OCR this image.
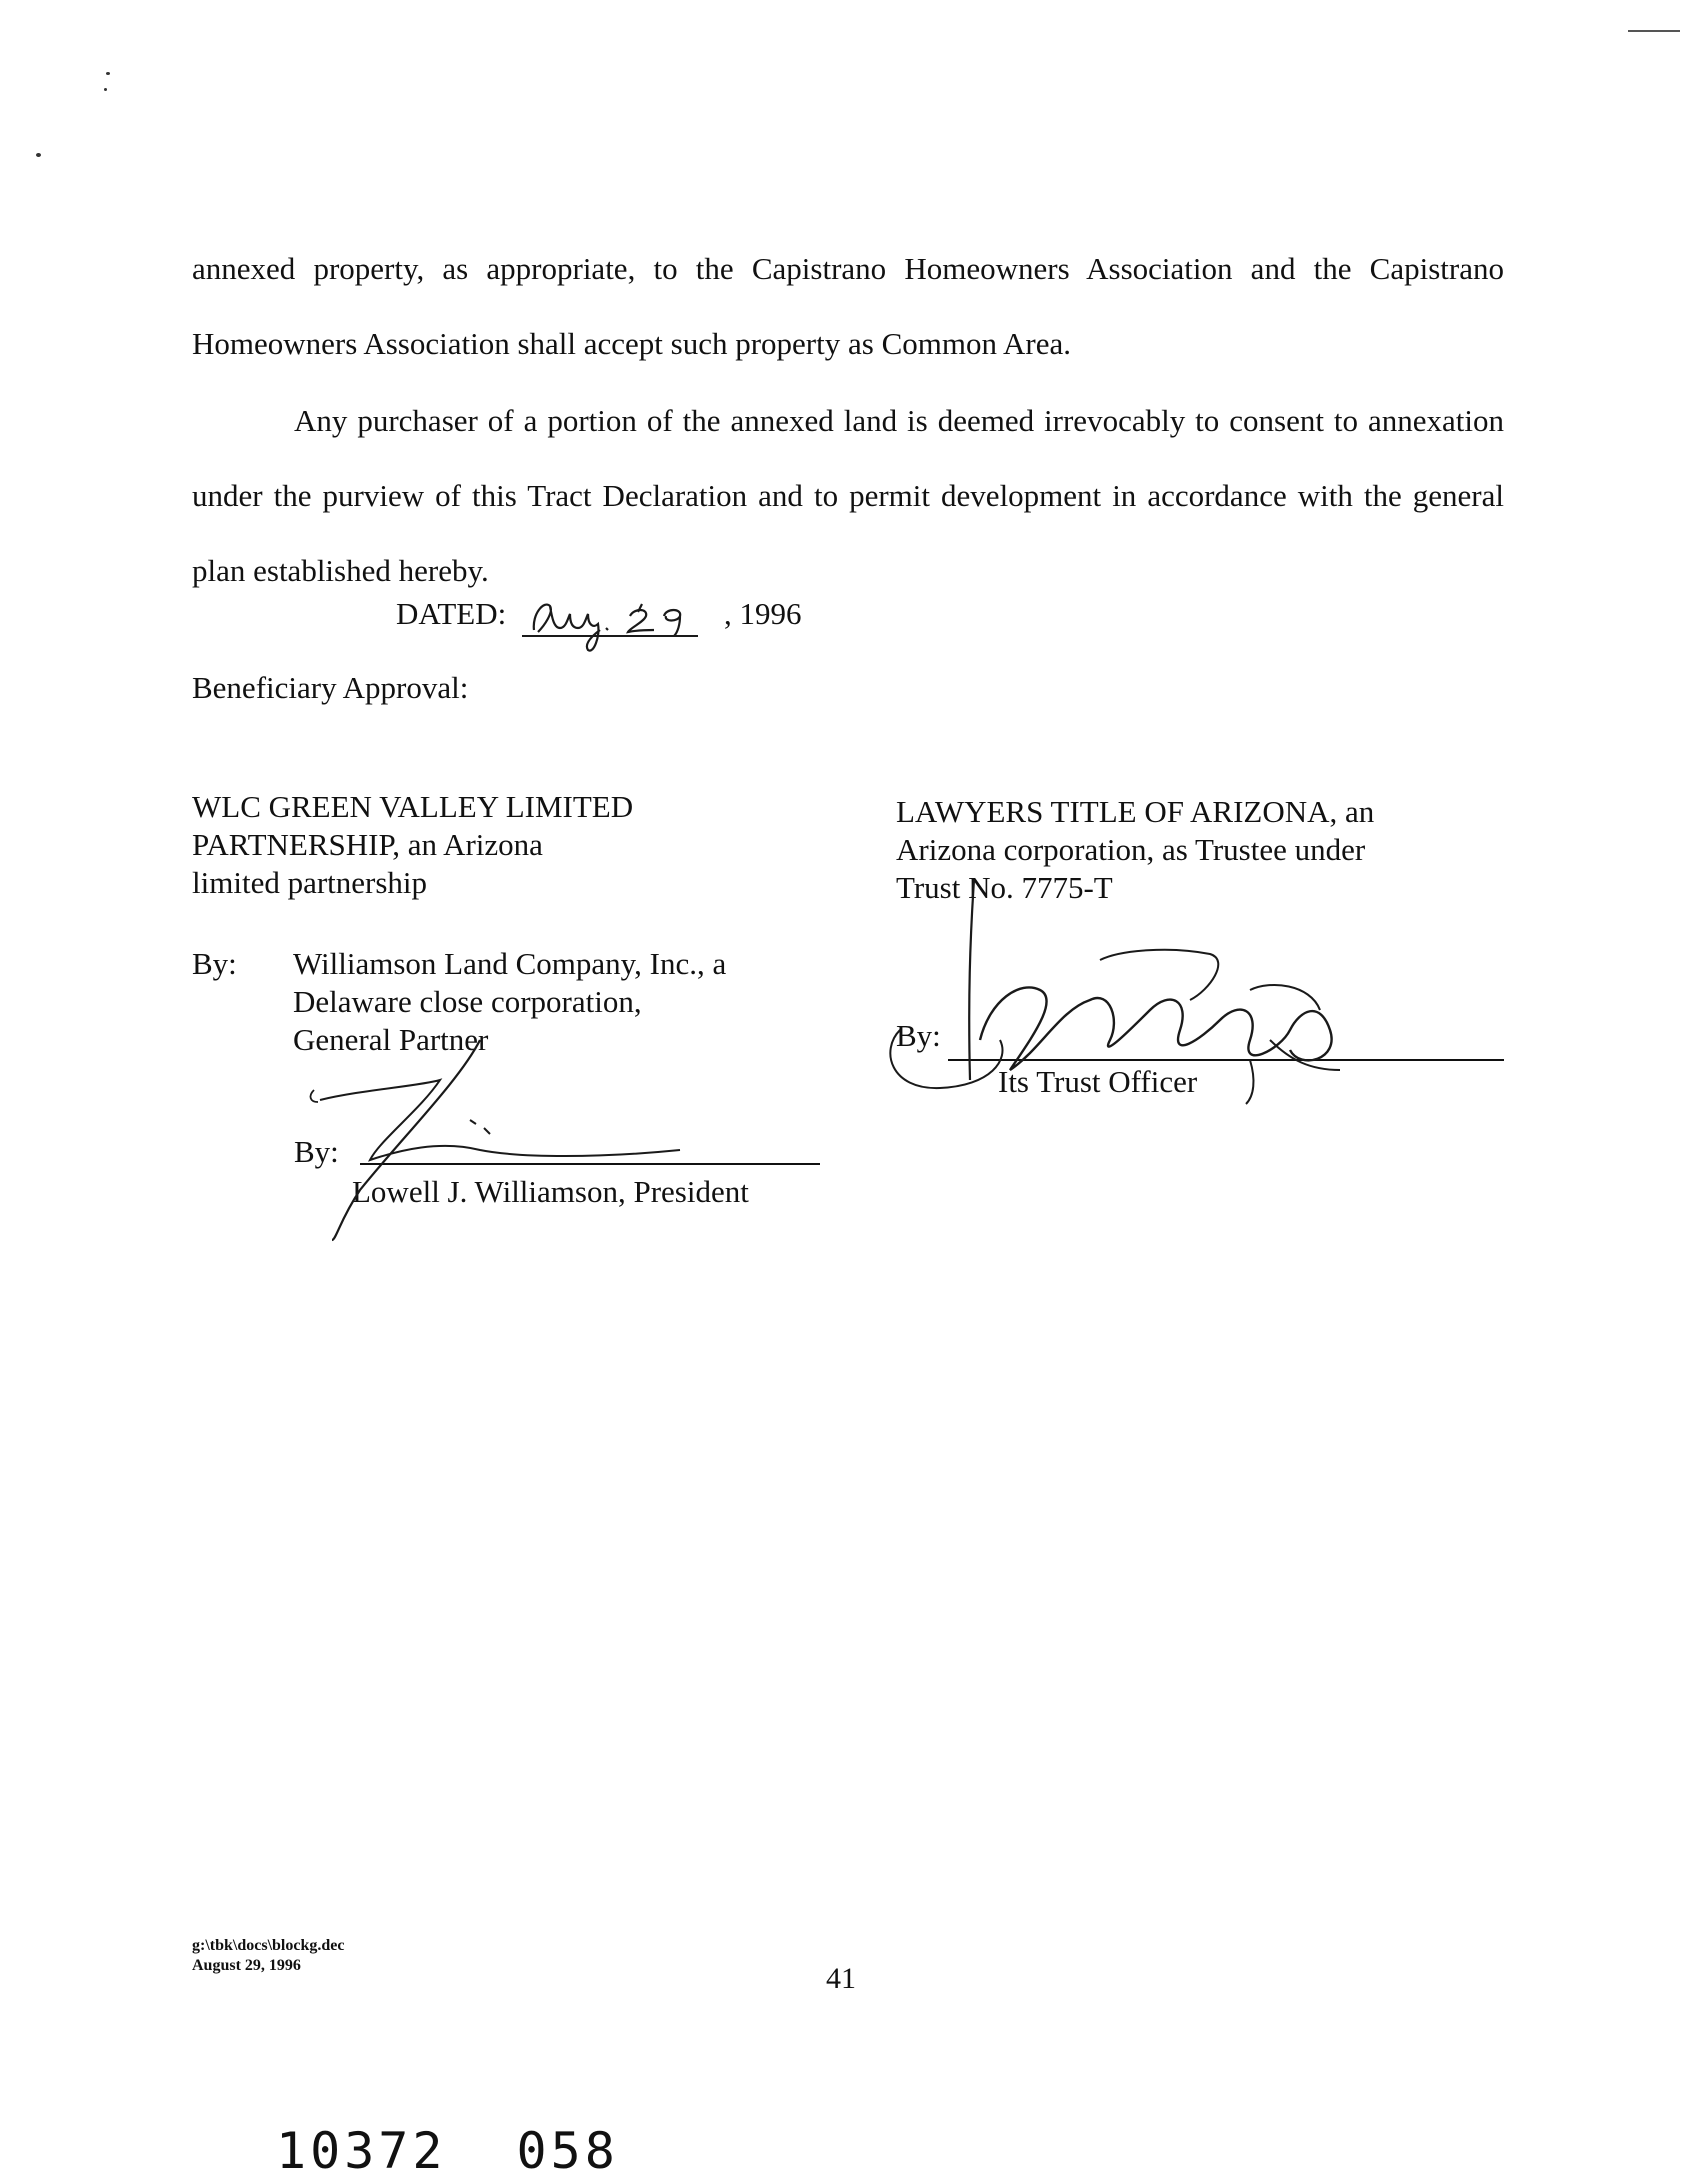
annexed property, as appropriate, to the Capistrano Homeowners Association and the Capistrano Homeowners Association shall accept such property as Common Area.

Any purchaser of a portion of the annexed land is deemed irrevocably to consent to annexation under the purview of this Tract Declaration and to permit development in accordance with the general plan established hereby.

DATED:	, 1996
Beneficiary Approval:
WLC GREEN VALLEY LIMITED
PARTNERSHIP, an Arizona
limited partnership
LAWYERS TITLE OF ARIZONA, an
Arizona corporation, as Trustee under
Trust No. 7775-T
By: Williamson Land Company, Inc., a
Delaware close corporation,
General Partner
By:
Lowell J. Williamson, President
By:
Its Trust Officer
g:\tbk\docs\blockg.dec
August 29, 1996	41
10372 058
